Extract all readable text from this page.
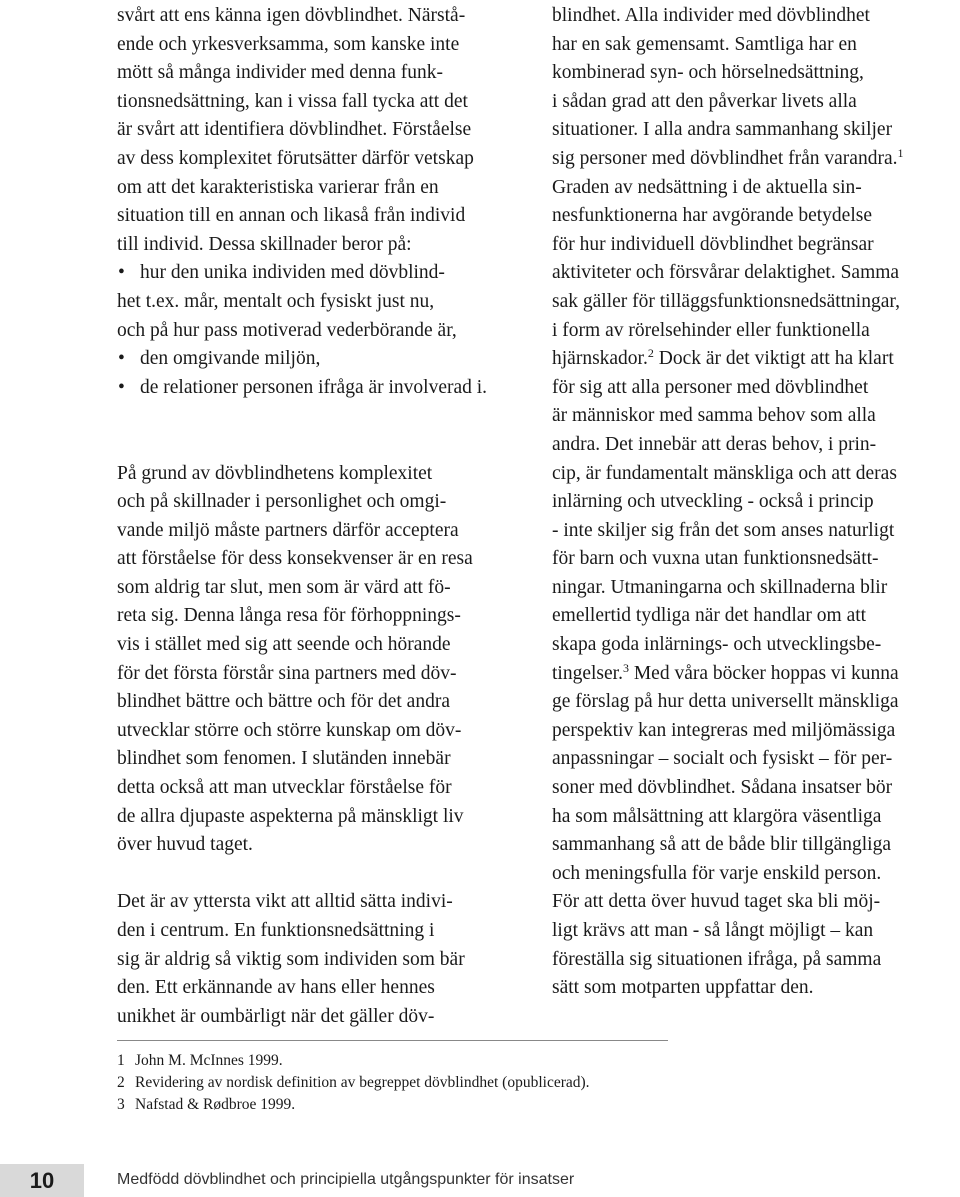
svårt att ens känna igen dövblindhet. Närstå-
ende och yrkesverksamma, som kanske inte
mött så många individer med denna funk-
tionsnedsättning, kan i vissa fall tycka att det
är svårt att identifiera dövblindhet. Förståelse
av dess komplexitet förutsätter därför vetskap
om att det karakteristiska varierar från en
situation till en annan och likaså från individ
till individ. Dessa skillnader beror på:
• hur den unika individen med dövblind-
het t.ex. mår, mentalt och fysiskt just nu,
och på hur pass motiverad vederbörande är,
• den omgivande miljön,
• de relationer personen ifråga är involverad i.
På grund av dövblindhetens komplexitet
och på skillnader i personlighet och omgi-
vande miljö måste partners därför acceptera
att förståelse för dess konsekvenser är en resa
som aldrig tar slut, men som är värd att fö-
reta sig. Denna långa resa för förhoppnings-
vis i stället med sig att seende och hörande
för det första förstår sina partners med döv-
blindhet bättre och bättre och för det andra
utvecklar större och större kunskap om döv-
blindhet som fenomen. I slutänden innebär
detta också att man utvecklar förståelse för
de allra djupaste aspekterna på mänskligt liv
över huvud taget.
Det är av yttersta vikt att alltid sätta indivi-
den i centrum. En funktionsnedsättning i
sig är aldrig så viktig som individen som bär
den. Ett erkännande av hans eller hennes
unikhet är oumbärligt när det gäller döv-
blindhet. Alla individer med dövblindhet
har en sak gemensamt. Samtliga har en
kombinerad syn- och hörselnedsättning,
i sådan grad att den påverkar livets alla
situationer. I alla andra sammanhang skiljer
sig personer med dövblindhet från varandra.$^1$
Graden av nedsättning i de aktuella sin-
nesfunktionerna har avgörande betydelse
för hur individuell dövblindhet begränsar
aktiviteter och försvårar delaktighet. Samma
sak gäller för tilläggsfunktionsnedsättningar,
i form av rörelsehinder eller funktionella
hjärnskador.$^2$ Dock är det viktigt att ha klart
för sig att alla personer med dövblindhet
är människor med samma behov som alla
andra. Det innebär att deras behov, i prin-
cip, är fundamentalt mänskliga och att deras
inlärning och utveckling - också i princip
- inte skiljer sig från det som anses naturligt
för barn och vuxna utan funktionsnedsätt-
ningar. Utmaningarna och skillnaderna blir
emellertid tydliga när det handlar om att
skapa goda inlärnings- och utvecklingsbe-
tingelser.$^3$ Med våra böcker hoppas vi kunna
ge förslag på hur detta universellt mänskliga
perspektiv kan integreras med miljömässiga
anpassningar – socialt och fysiskt – för per-
soner med dövblindhet. Sådana insatser bör
ha som målsättning att klargöra väsentliga
sammanhang så att de både blir tillgängliga
och meningsfulla för varje enskild person.
För att detta över huvud taget ska bli möj-
ligt krävs att man - så långt möjligt – kan
föreställa sig situationen ifråga, på samma
sätt som motparten uppfattar den.
1 John M. McInnes 1999.
2 Revidering av nordisk definition av begreppet dövblindhet (opublicerad).
3 Nafstad & Rødbroe 1999.
10	Medfödd dövblindhet och principiella utgångspunkter för insatser
